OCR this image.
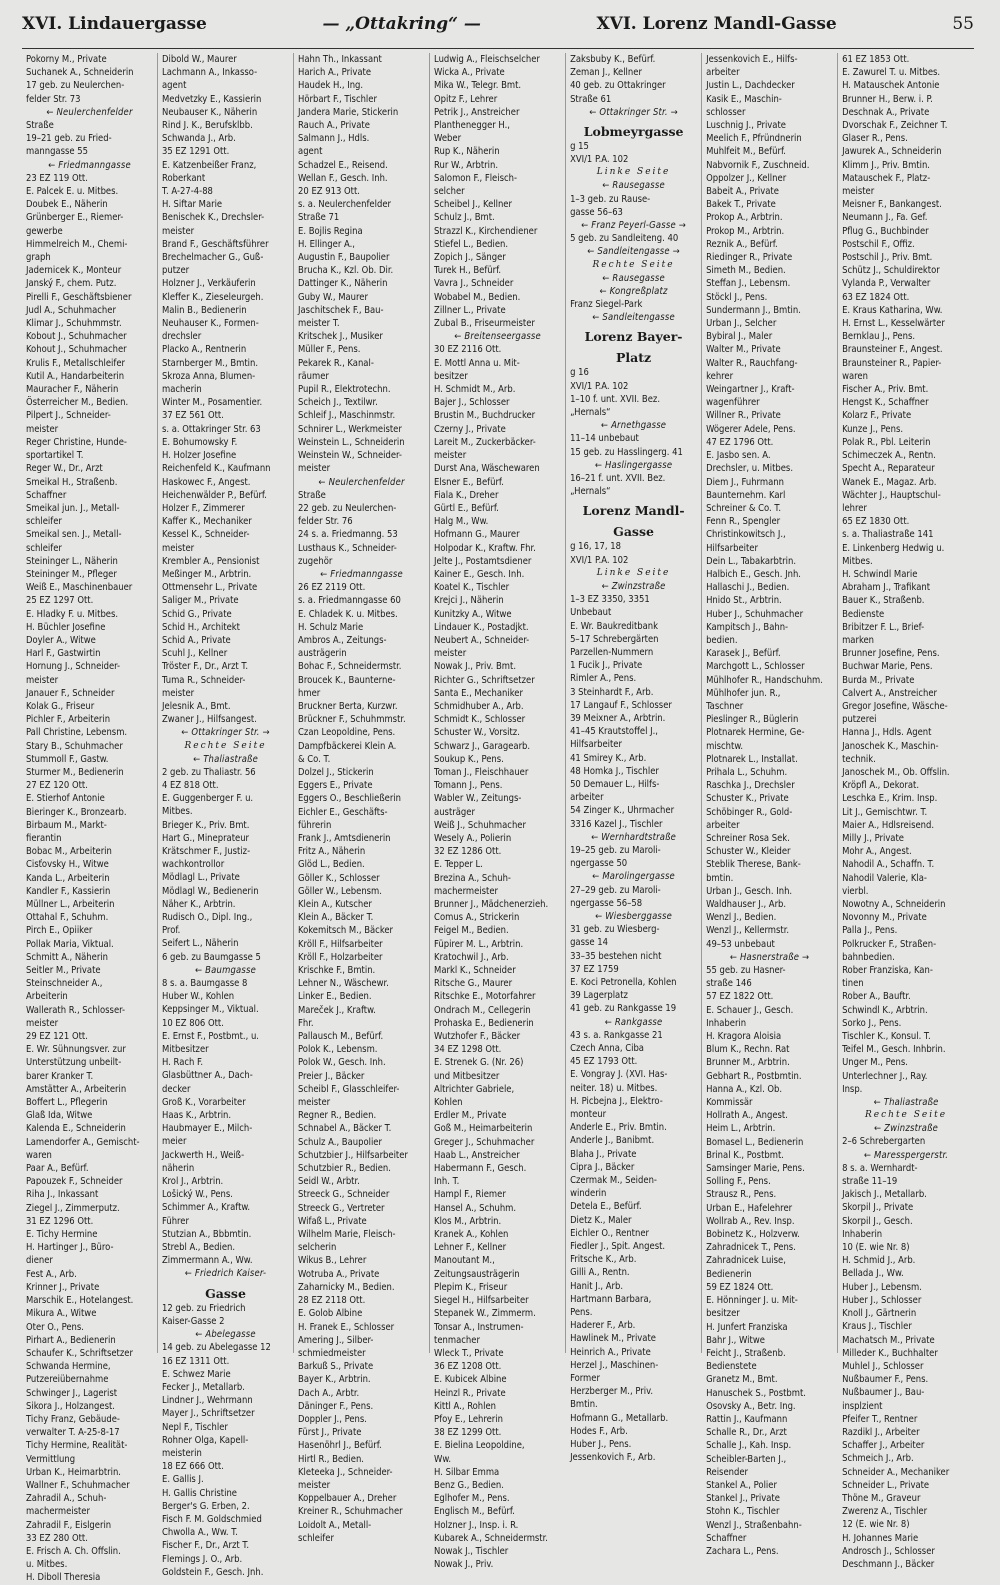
XVI. Lindauergasse	— „Ottakring“ —	XVI. Lorenz Mandl-Gasse	55
Pokorny M., Private
Suchanek A., Schneiderin
17 geb. zu Neulerchen-
felder Str. 73
← Neulerchenfelder
Straße
19–21 geb. zu Fried-
manngasse 55
← Friedmanngasse
23 EZ 119 Ott.
E. Palcek E. u. Mitbes.
Doubek E., Näherin
Grünberger E., Riemer-
gewerbe
Himmelreich M., Chemi-
graph
Jadernicek K., Monteur
Janský F., chem. Putz.
Pirelli F., Geschäftsbiener
Judl A., Schuhmacher
Klimar J., Schuhmmstr.
Kobout J., Schuhmacher
Kohout J., Schuhmacher
Krulis F., Metallschleifer
Kutil A., Handarbeiterin
Mauracher F., Näherin
Österreicher M., Bedien.
Pilpert J., Schneider-
meister
Reger Christine, Hunde-
sportartikel T.
Reger W., Dr., Arzt
Smeikal H., Straßenb.
Schaffner
Smeikal jun. J., Metall-
schleifer
Smeikal sen. J., Metall-
schleifer
Steininger L., Näherin
Steininger M., Pfleger
Weiß E., Maschinenbauer
25 EZ 1297 Ott.
E. Hladky F. u. Mitbes.
H. Büchler Josefine
Doyler A., Witwe
Harl F., Gastwirtin
Hornung J., Schneider-
meister
Janauer F., Schneider
Kolak G., Friseur
Pichler F., Arbeiterin
Pall Christine, Lebensm.
Stary B., Schuhmacher
Stummoll F., Gastw.
Sturmer M., Bedienerin
27 EZ 120 Ott.
E. Stierhof Antonie
Bieringer K., Bronzearb.
Birbaum M., Markt-
fierantin
Bobac M., Arbeiterin
Cisťovsky H., Witwe
Kanda L., Arbeiterin
Kandler F., Kassierin
Müllner L., Arbeiterin
Ottahal F., Schuhm.
Pirch E., Opiiker
Pollak Maria, Viktual.
Schmitt A., Näherin
Seitler M., Private
Steinschneider A.,
Arbeiterin
Wallerath R., Schlosser-
meister
29 EZ 121 Ott.
E. Wr. Sühnungsver. zur
Unterstützung unbeilt-
barer Kranker T.
Amstätter A., Arbeiterin
Boffert L., Pflegerin
Glaß Ida, Witwe
Kalenda E., Schneiderin
Lamendorfer A., Gemischt-
waren
Paar A., Befürf.
Papouzek F., Schneider
Riha J., Inkassant
Ziegel J., Zimmerputz.
31 EZ 1296 Ott.
E. Tichy Hermine
H. Hartinger J., Büro-
diener
Fest A., Arb.
Krinner J., Private
Marschik E., Hotelangest.
Mikura A., Witwe
Oter O., Pens.
Pirhart A., Bedienerin
Schaufer K., Schriftsetzer
Schwanda Hermine,
Putzereiübernahme
Schwinger J., Lagerist
Sikora J., Holzangest.
Tichy Franz, Gebäude-
verwalter T. A-25-8-17
Tichy Hermine, Realität-
Vermittlung
Urban K., Heimarbtrin.
Wallner F., Schuhmacher
Zahradil A., Schuh-
machermeister
Zahradil F., Eislgerin
33 EZ 280 Ott.
E. Frisch A. Ch. Offslin.
u. Mitbes.
H. Diboll Theresia
Dibold W., Maurer
Lachmann A., Inkasso-
agent
Medvetzky E., Kassierin
Neubauser K., Näherin
Rind J. K., Berufsklbb.
Schwanda J., Arb.
35 EZ 1291 Ott.
E. Katzenbeißer Franz,
Roberkant
T. A-27-4-88
H. Siftar Marie
Benischek K., Drechsler-
meister
Brand F., Geschäftsführer
Brechelmacher G., Guß-
putzer
Holzner J., Verkäuferin
Kleffer K., Zieseleurgeh.
Malin B., Bedienerin
Neuhauser K., Formen-
drechsler
Placko A., Rentnerin
Starnberger M., Bmtin.
Skroza Anna, Blumen-
macherin
Winter M., Posamentier.
37 EZ 561 Ott.
s. a. Ottakringer Str. 63
E. Bohumowsky F.
H. Holzer Josefine
Reichenfeld K., Kaufmann
Haskowec F., Angest.
Heichenwälder P., Befürf.
Holzer F., Zimmerer
Kaffer K., Mechaniker
Kessel K., Schneider-
meister
Krembler A., Pensionist
Meßinger M., Arbtrin.
Ottmensehr L., Private
Saliger M., Private
Schid G., Private
Schid H., Architekt
Schid A., Private
Scuhl J., Kellner
Tröster F., Dr., Arzt T.
Tuma R., Schneider-
meister
Jelesnik A., Bmt.
Zwaner J., Hilfsangest.
← Ottakringer Str. →
Rechte Seite
← Thaliastraße
2 geb. zu Thaliastr. 56
4 EZ 818 Ott.
E. Guggenberger F. u.
Mitbes.
Brieger K., Priv. Bmt.
Hart G., Mineprateur
Krätschmer F., Justiz-
wachkontrollor
Mödlagl L., Private
Mödlagl W., Bedienerin
Näher K., Arbtrin.
Rudisch O., Dipl. Ing.,
Prof.
Seifert L., Näherin
6 geb. zu Baumgasse 5
← Baumgasse
8 s. a. Baumgasse 8
Huber W., Kohlen
Keppsinger M., Viktual.
10 EZ 806 Ott.
E. Ernst F., Postbmt., u.
Mitbesitzer
H. Rach F.
Glasbüttner A., Dach-
decker
Groß K., Vorarbeiter
Haas K., Arbtrin.
Haubmayer E., Milch-
meier
Jackwerth H., Weiß-
näherin
Krol J., Arbtrin.
Lošický W., Pens.
Schimmer A., Kraftw.
Führer
Stutzian A., Bbbmtin.
Strebl A., Bedien.
Zimmermann A., Ww.
← Friedrich Kaiser-
Gasse
12 geb. zu Friedrich
Kaiser-Gasse 2
← Abelegasse
14 geb. zu Abelegasse 12
16 EZ 1311 Ott.
E. Schwez Marie
Fecker J., Metallarb.
Lindner J., Wehrmann
Mayer J., Schriftsetzer
Nepl F., Tischler
Rohner Olga, Kapell-
meisterin
18 EZ 666 Ott.
E. Gallis J.
H. Gallis Christine
Berger's G. Erben, 2.
Fisch F. M. Goldschmied
Chwolla A., Ww. T.
Fischer F., Dr., Arzt T.
Flemings J. O., Arb.
Goldstein F., Gesch. Jnh.
Hahn Th., Inkassant
Harich A., Private
Haudek H., Ing.
Hörbart F., Tischler
Jandera Marie, Stickerin
Rauch A., Private
Salmann J., Hdls.
agent
Schadzel E., Reisend.
Wellan F., Gesch. Inh.
20 EZ 913 Ott.
s. a. Neulerchenfelder
Straße 71
E. Bojlis Regina
H. Ellinger A.,
Augustin F., Baupolier
Brucha K., Kzl. Ob. Dir.
Dattinger K., Näherin
Guby W., Maurer
Jaschitschek F., Bau-
meister T.
Kritschek J., Musiker
Müller F., Pens.
Pekarek R., Kanal-
räumer
Pupil R., Elektrotechn.
Scheich J., Textilwr.
Schleif J., Maschinmstr.
Schnirer L., Werkmeister
Weinstein L., Schneiderin
Weinstein W., Schneider-
meister
← Neulerchenfelder
Straße
22 geb. zu Neulerchen-
felder Str. 76
24 s. a. Friedmanng. 53
Lusthaus K., Schneider-
zugehör
← Friedmanngasse
26 EZ 2119 Ott.
s. a. Friedmanngasse 60
E. Chladek K. u. Mitbes.
H. Schulz Marie
Ambros A., Zeitungs-
austrägerin
Bohac F., Schneidermstr.
Broucek K., Baunterne-
hmer
Bruckner Berta, Kurzwr.
Brückner F., Schuhmmstr.
Czan Leopoldine, Pens.
Dampfbäckerei Klein A.
& Co. T.
Dolzel J., Stickerin
Eggers E., Private
Eggers O., Beschließerin
Eichler E., Geschäfts-
führerin
Frank J., Amtsdienerin
Fritz A., Näherin
Glöd L., Bedien.
Göller K., Schlosser
Göller W., Lebensm.
Klein A., Kutscher
Klein A., Bäcker T.
Kokemitsch M., Bäcker
Kröll F., Hilfsarbeiter
Kröll F., Holzarbeiter
Krischke F., Bmtin.
Lehner N., Wäschewr.
Linker E., Bedien.
Mareček J., Kraftw.
Fhr.
Pallausch M., Befürf.
Polok K., Lebensm.
Polok W., Gesch. Inh.
Preier J., Bäcker
Scheibl F., Glasschleifer-
meister
Regner R., Bedien.
Schnabel A., Bäcker T.
Schulz A., Baupolier
Schutzbier J., Hilfsarbeiter
Schutzbier R., Bedien.
Seidl W., Arbtr.
Streeck G., Schneider
Streeck G., Vertreter
Wifaß L., Private
Wilhelm Marie, Fleisch-
selcherin
Wikus B., Lehrer
Wotruba A., Private
Zaharnicky M., Bedien.
28 EZ 2118 Ott.
E. Golob Albine
H. Franek E., Schlosser
Amering J., Silber-
schmiedmeister
Barkuß S., Private
Bayer K., Arbtrin.
Dach A., Arbtr.
Däninger F., Pens.
Doppler J., Pens.
Fürst J., Private
Hasenöhrl J., Befürf.
Hirtl R., Bedien.
Kleteeka J., Schneider-
meister
Koppelbauer A., Dreher
Kreiner R., Schuhmacher
Loidolt A., Metall-
schleifer
Ludwig A., Fleischselcher
Wicka A., Private
Mika W., Telegr. Bmt.
Opitz F., Lehrer
Petrik J., Anstreicher
Planthenegger H.,
Weber
Rup K., Näherin
Rur W., Arbtrin.
Salomon F., Fleisch-
selcher
Scheibel J., Kellner
Schulz J., Bmt.
Strazzl K., Kirchendiener
Stiefel L., Bedien.
Zopich J., Sänger
Turek H., Befürf.
Vavra J., Schneider
Wobabel M., Bedien.
Zillner L., Private
Zubal B., Friseurmeister
← Breitenseergasse
30 EZ 2116 Ott.
E. Mottl Anna u. Mit-
besitzer
H. Schmidt M., Arb.
Bajer J., Schlosser
Brustin M., Buchdrucker
Czerny J., Private
Lareit M., Zuckerbäcker-
meister
Durst Ana, Wäschewaren
Elsner E., Befürf.
Fiala K., Dreher
Gürtl E., Befürf.
Halg M., Ww.
Hofmann G., Maurer
Holpodar K., Kraftw. Fhr.
Jelte J., Postamtsdiener
Kainer E., Gesch. Inh.
Koatel K., Tischler
Krejci J., Näherin
Kunitzky A., Witwe
Lindauer K., Postadjkt.
Neubert A., Schneider-
meister
Nowak J., Priv. Bmt.
Richter G., Schriftsetzer
Santa E., Mechaniker
Schmidhuber A., Arb.
Schmidt K., Schlosser
Schuster W., Vorsitz.
Schwarz J., Garagearb.
Soukup K., Pens.
Toman J., Fleischhauer
Tomann J., Pens.
Wabler W., Zeitungs-
austräger
Weiß J., Schuhmacher
Wesely A., Polierin
32 EZ 1286 Ott.
E. Tepper L.
Brezina A., Schuh-
machermeister
Brunner J., Mädchenerzieh.
Comus A., Strickerin
Feigel M., Bedien.
Füpirer M. L., Arbtrin.
Kratochwil J., Arb.
Markl K., Schneider
Ritsche G., Maurer
Ritschke E., Motorfahrer
Ondrach M., Cellegerin
Prohaska E., Bedienerin
Wutzhofer F., Bäcker
34 EZ 1298 Ott.
E. Strenek G. (Nr. 26)
und Mitbesitzer
Altrichter Gabriele,
Kohlen
Erdler M., Private
Goß M., Heimarbeiterin
Greger J., Schuhmacher
Haab L., Anstreicher
Habermann F., Gesch.
Inh. T.
Hampl F., Riemer
Hansel A., Schuhm.
Klos M., Arbtrin.
Kranek A., Kohlen
Lehner F., Kellner
Manoutant M.,
Zeitungsausträgerin
Plepim K., Friseur
Siegel H., Hilfsarbeiter
Stepanek W., Zimmerm.
Tonsar A., Instrumen-
tenmacher
Wleck T., Private
36 EZ 1208 Ott.
E. Kubicek Albine
Heinzl R., Private
Kittl A., Rohlen
Pfoy E., Lehrerin
38 EZ 1299 Ott.
E. Bielina Leopoldine,
Ww.
H. Silbar Emma
Benz G., Bedien.
Eglhofer M., Pens.
Englisch M., Befürf.
Holzner J., Insp. i. R.
Kubarek A., Schneidermstr.
Nowak J., Tischler
Nowak J., Priv.
Zaksbuby K., Befürf.
Zeman J., Kellner
40 geb. zu Ottakringer
Straße 61
← Ottakringer Str. →
Lobmeyrgasse
g 15
XVI/1 P.A. 102
Linke Seite
← Rausegasse
1–3 geb. zu Rause-
gasse 56–63
← Franz Peyerl-Gasse →
5 geb. zu Sandleiteng. 40
← Sandleitengasse →
Rechte Seite
← Rausegasse
← Kongreßplatz
Franz Siegel-Park
← Sandleitengasse
Lorenz Bayer-
Platz
g 16
XVI/1 P.A. 102
1–10 f. unt. XVII. Bez.
„Hernals“
← Arnethgasse
11–14 unbebaut
15 geb. zu Hasslingerg. 41
← Haslingergasse
16–21 f. unt. XVII. Bez.
„Hernals“
Lorenz Mandl-
Gasse
g 16, 17, 18
XVI/1 P.A. 102
Linke Seite
← Zwinzstraße
1–3 EZ 3350, 3351
Unbebaut
E. Wr. Baukreditbank
5–17 Schrebergärten
Parzellen-Nummern
1 Fucik J., Private
Rimler A., Pens.
3 Steinhardt F., Arb.
17 Langauf F., Schlosser
39 Meixner A., Arbtrin.
41–45 Krautstoffel J.,
Hilfsarbeiter
41 Smirey K., Arb.
48 Homka J., Tischler
50 Demauer L., Hilfs-
arbeiter
54 Zinger K., Uhrmacher
3316 Kazel J., Tischler
← Wernhardtstraße
19–25 geb. zu Maroli-
ngergasse 50
← Marolingergasse
27–29 geb. zu Maroli-
ngergasse 56–58
← Wiesberggasse
31 geb. zu Wiesberg-
gasse 14
33–35 bestehen nicht
37 EZ 1759
E. Koci Petronella, Kohlen
39 Lagerplatz
41 geb. zu Rankgasse 19
← Rankgasse
43 s. a. Rankgasse 21
Czech Anna, Ciba
45 EZ 1793 Ott.
E. Vongray J. (XVI. Has-
neiter. 18) u. Mitbes.
H. Picbejna J., Elektro-
monteur
Anderle E., Priv. Bmtin.
Anderle J., Banibmt.
Blaha J., Private
Cipra J., Bäcker
Czermak M., Seiden-
winderin
Detela E., Befürf.
Dietz K., Maler
Eichler O., Rentner
Fiedler J., Spit. Angest.
Fritsche K., Arb.
Gilli A., Rentn.
Hanit J., Arb.
Hartmann Barbara,
Pens.
Haderer F., Arb.
Hawlinek M., Private
Heinrich A., Private
Herzel J., Maschinen-
Former
Herzberger M., Priv.
Bmtin.
Hofmann G., Metallarb.
Hodes F., Arb.
Huber J., Pens.
Jessenkovich F., Arb.
Jessenkovich E., Hilfs-
arbeiter
Justin L., Dachdecker
Kasik E., Maschin-
schlosser
Luschnig J., Private
Meelich F., Pfründnerin
Muhlfeit M., Befürf.
Nabvornik F., Zuschneid.
Oppolzer J., Kellner
Babeit A., Private
Bakek T., Private
Prokop A., Arbtrin.
Prokop M., Arbtrin.
Reznik A., Befürf.
Riedinger R., Private
Simeth M., Bedien.
Steffan J., Lebensm.
Stöckl J., Pens.
Sundermann J., Bmtin.
Urban J., Selcher
Bybiral J., Maler
Walter M., Private
Walter R., Rauchfang-
kehrer
Weingartner J., Kraft-
wagenführer
Willner R., Private
Wögerer Adele, Pens.
47 EZ 1796 Ott.
E. Jasbo sen. A.
Drechsler, u. Mitbes.
Diem J., Fuhrmann
Baunternehm. Karl
Schreiner & Co. T.
Fenn R., Spengler
Christinkowitsch J.,
Hilfsarbeiter
Dein L., Tabakarbtrin.
Halbich E., Gesch. Jnh.
Hallaschi J., Bedien.
Hnido St., Arbtrin.
Huber J., Schuhmacher
Kampitsch J., Bahn-
bedien.
Karasek J., Befürf.
Marchgott L., Schlosser
Mühlhofer R., Handschuhm.
Mühlhofer jun. R.,
Taschner
Pieslinger R., Büglerin
Plotnarek Hermine, Ge-
mischtw.
Plotnarek L., Installat.
Prihala L., Schuhm.
Raschka J., Drechsler
Schuster K., Private
Schöbinger R., Gold-
arbeiter
Schreiner Rosa Sek.
Schuster W., Kleider
Steblik Therese, Bank-
bmtin.
Urban J., Gesch. Inh.
Waldhauser J., Arb.
Wenzl J., Bedien.
Wenzl J., Kellermstr.
49–53 unbebaut
← Hasnerstraße →
55 geb. zu Hasner-
straße 146
57 EZ 1822 Ott.
E. Schauer J., Gesch.
Inhaberin
H. Kragora Aloisia
Blum K., Rechn. Rat
Brunner M., Arbtrin.
Gebhart R., Postbmtin.
Hanna A., Kzl. Ob.
Kommissär
Hollrath A., Angest.
Heim L., Arbtrin.
Bomasel L., Bedienerin
Brinal K., Postbmt.
Samsinger Marie, Pens.
Solling F., Pens.
Strausz R., Pens.
Urban E., Hafelehrer
Wollrab A., Rev. Insp.
Bobinetz K., Holzverw.
Zahradnicek T., Pens.
Zahradnicek Luise,
Bedienerin
59 EZ 1824 Ott.
E. Hönninger J. u. Mit-
besitzer
H. Junfert Franziska
Bahr J., Witwe
Feicht J., Straßenb.
Bedienstete
Granetz M., Bmt.
Hanuschek S., Postbmt.
Osovsky A., Betr. Ing.
Rattin J., Kaufmann
Schalle R., Dr., Arzt
Schalle J., Kah. Insp.
Scheibler-Barten J.,
Reisender
Stankel A., Polier
Stankel J., Private
Stohn K., Tischler
Wenzl J., Straßenbahn-
Schaffner
Zachara L., Pens.
61 EZ 1853 Ott.
E. Zawurel T. u. Mitbes.
H. Matauschek Antonie
Brunner H., Berw. i. P.
Deschnak A., Private
Dvorschak F., Zeichner T.
Glaser R., Pens.
Jawurek A., Schneiderin
Klimm J., Priv. Bmtin.
Matauschek F., Platz-
meister
Meisner F., Bankangest.
Neumann J., Fa. Gef.
Pflug G., Buchbinder
Postschil F., Offiz.
Postschil J., Priv. Bmt.
Schütz J., Schuldirektor
Vylanda P., Verwalter
63 EZ 1824 Ott.
E. Kraus Katharina, Ww.
H. Ernst L., Kesselwärter
Bernklau J., Pens.
Braunsteiner F., Angest.
Braunsteiner R., Papier-
waren
Fischer A., Priv. Bmt.
Hengst K., Schaffner
Kolarz F., Private
Kunze J., Pens.
Polak R., Pbl. Leiterin
Schimeczek A., Rentn.
Specht A., Reparateur
Wanek E., Magaz. Arb.
Wächter J., Hauptschul-
lehrer
65 EZ 1830 Ott.
s. a. Thaliastraße 141
E. Linkenberg Hedwig u.
Mitbes.
H. Schwindl Marie
Abraham J., Trafikant
Bauer K., Straßenb.
Bedienste
Bribitzer F. L., Brief-
marken
Brunner Josefine, Pens.
Buchwar Marie, Pens.
Burda M., Private
Calvert A., Anstreicher
Gregor Josefine, Wäsche-
putzerei
Hanna J., Hdls. Agent
Janoschek K., Maschin-
technik.
Janoschek M., Ob. Offslin.
Kröpfl A., Dekorat.
Leschka E., Krim. Insp.
Lit J., Gemischtwr. T.
Maier A., Hdlsreisend.
Milly J., Private
Mohr A., Angest.
Nahodil A., Schaffn. T.
Nahodil Valerie, Kla-
vierbl.
Nowotny A., Schneiderin
Novonny M., Private
Palla J., Pens.
Polkrucker F., Straßen-
bahnbedien.
Rober Franziska, Kan-
tinen
Rober A., Bauftr.
Schwindl K., Arbtrin.
Sorko J., Pens.
Tischler K., Konsul. T.
Teifel M., Gesch. Inhbrin.
Unger M., Pens.
Unterlechner J., Ray.
Insp.
← Thaliastraße
Rechte Seite
← Zwinzstraße
2–6 Schrebergarten
← Maresspergerstr.
8 s. a. Wernhardt-
straße 11–19
Jakisch J., Metallarb.
Skorpil J., Private
Skorpil J., Gesch.
Inhaberin
10 (E. wie Nr. 8)
H. Schmid J., Arb.
Bellada J., Ww.
Huber J., Lebensm.
Huber J., Schlosser
Knoll J., Gärtnerin
Kraus J., Tischler
Machatsch M., Private
Milleder K., Buchhalter
Muhlel J., Schlosser
Nußbaumer F., Pens.
Nußbaumer J., Bau-
insplzient
Pfeifer T., Rentner
Razdikl J., Arbeiter
Schaffer J., Arbeiter
Schmeich J., Arb.
Schneider A., Mechaniker
Schneider L., Private
Thöne M., Graveur
Zwerenz A., Tischler
12 (E. wie Nr. 8)
H. Johannes Marie
Androsch J., Schlosser
Deschmann J., Bäcker
